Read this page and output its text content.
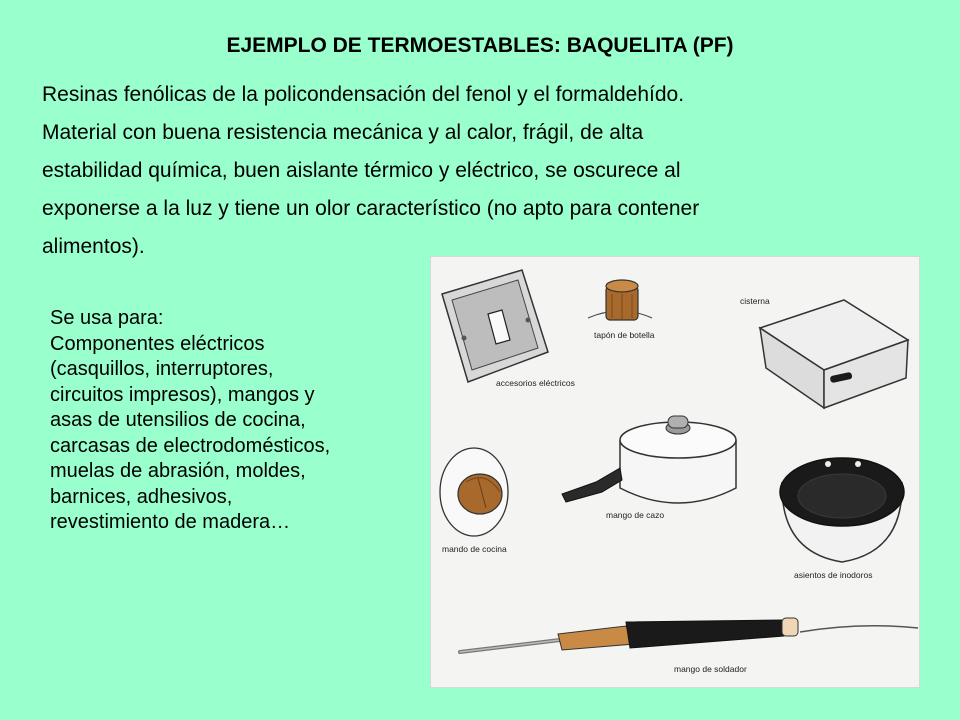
EJEMPLO DE TERMOESTABLES: BAQUELITA (PF)
Resinas fenólicas de la policondensación del fenol y el formaldehído.
Material con buena resistencia mecánica y al calor, frágil, de alta
estabilidad química, buen aislante térmico y eléctrico, se oscurece al
exponerse a la luz y tiene un olor característico (no apto para contener
alimentos).
Se usa para:
Componentes eléctricos
(casquillos, interruptores,
circuitos impresos), mangos y
asas de utensilios de cocina,
carcasas de electrodomésticos,
muelas de abrasión, moldes,
barnices, adhesivos,
revestimiento de madera…
accesorios eléctricos
tapón de botella
cisterna
mango de cazo
mando de cocina
asientos de inodoros
mango de soldador
